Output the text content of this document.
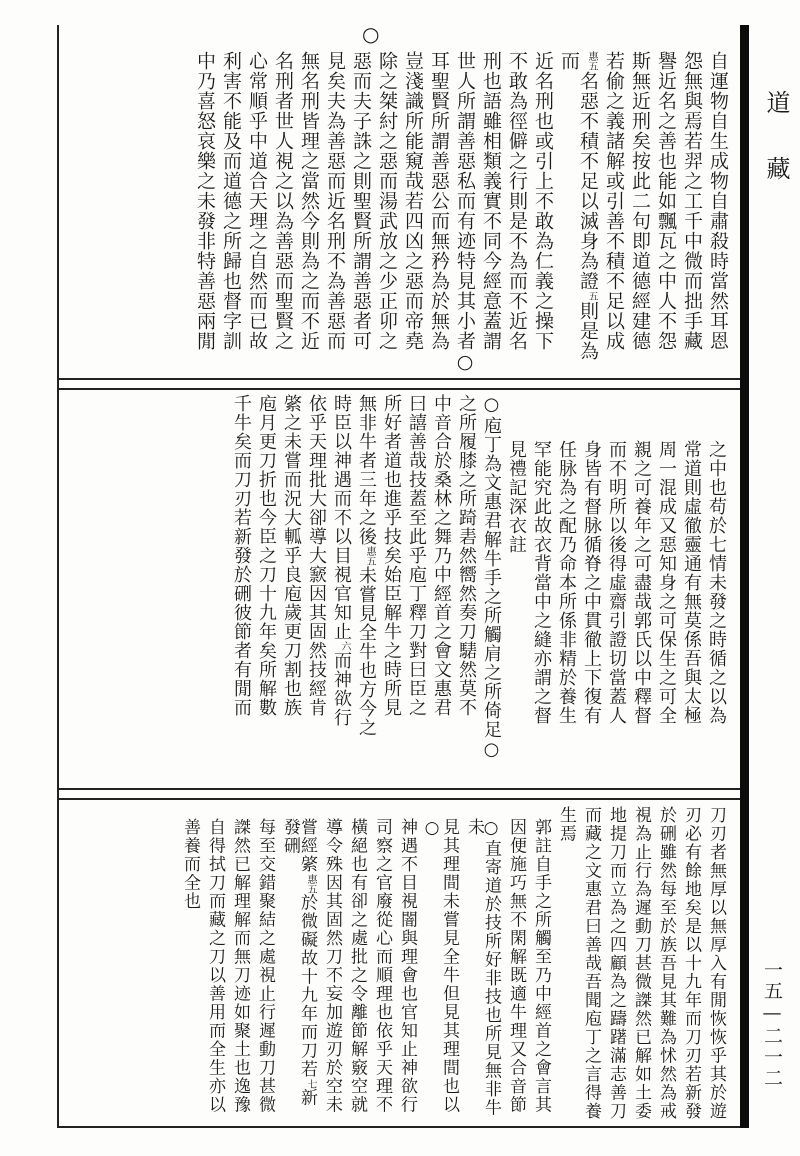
○
自運物自生成物自肅殺時當然耳恩
怨無與焉若羿之工千中微而拙手藏
譽近名之善也能如飄瓦之中人不怨
斯無近刑矣按此二句即道德經建德
若偷之義諸解或引善不積不足以成
惠五名惡不積不足以滅身為證五則是為而
近名刑也或引上不敢為仁義之操下
不敢為徑僻之行則是不為而不近名
刑也語雖相類義實不同今經意蓋謂
世人所謂善惡私而有迹特見其小者○
耳聖賢所謂善惡公而無矜為於無為
豈淺識所能窺哉若四凶之惡而帝堯
除之桀紂之惡而湯武放之少正卯之
惡而夫子誅之則聖賢所謂善惡者可
見矣夫為善惡而近名刑不為善惡而
無名刑皆理之當然今則為之而不近
名刑者世人視之以為善惡而聖賢之
心常順乎中道合天理之自然而已故
利害不能及而道德之所歸也督字訓
中乃喜怒哀樂之未發非特善惡兩閒
之中也苟於七情未發之時循之以為
常道則虛徹靈通有無莫係吾與太極
周一混成又惡知身之可保生之可全
親之可養年之可盡哉郭氏以中釋督
而不明所以後得虛齋引證切當蓋人
身皆有督脉循脊之中貫徹上下復有
任脉為之配乃命本所係非精於養生
罕能究此故衣背當中之縫亦謂之督
見禮記深衣註
○庖丁為文惠君解牛手之所觸肩之所倚足○
之所履膝之所踦砉然嚮然奏刀騞然莫不
中音合於桑林之舞乃中經首之會文惠君
曰譆善哉技蓋至此乎庖丁釋刀對曰臣之
所好者道也進乎技矣始臣解牛之時所見
無非牛者三年之後惠五未嘗見全牛也方今之
時臣以神遇而不以目視官知止六而神欲行
依乎天理批大卻導大窾因其固然技經肯
綮之未嘗而況大軱乎良庖歲更刀割也族
庖月更刀折也今臣之刀十九年矣所解數
千牛矣而刀刃若新發於硎彼節者有閒而
刀刃者無厚以無厚入有閒恢恢乎其於遊
刃必有餘地矣是以十九年而刀刃若新發
於硎雖然每至於族吾見其難為怵然為戒
視為止行為遲動刀甚微謋然已解如土委
地提刀而立為之四顧為之躊躇滿志善刀
而藏之文惠君曰善哉吾聞庖丁之言得養
生焉
郭註自手之所觸至乃中經首之會言其
因便施巧無不閑解既適牛理又合音節
○直寄道於技所好非技也所見無非牛未
見其理間未嘗見全牛但見其理間也以○
神遇不目視闇與理會也官知止神欲行
司察之官廢從心而順理也依乎天理不
橫絕也有卻之處批之令離節解竅空就
導令殊因其固然刀不妄加遊刃於空未
嘗經綮惠五於微礙故十九年而刀若七新發硎
每至交錯聚結之處視止行遲動刀甚微
謋然已解理解而無刀迹如聚土也逸豫
自得拭刀而藏之刀以善用而全生亦以
善養而全也
道藏
一五—二一二
